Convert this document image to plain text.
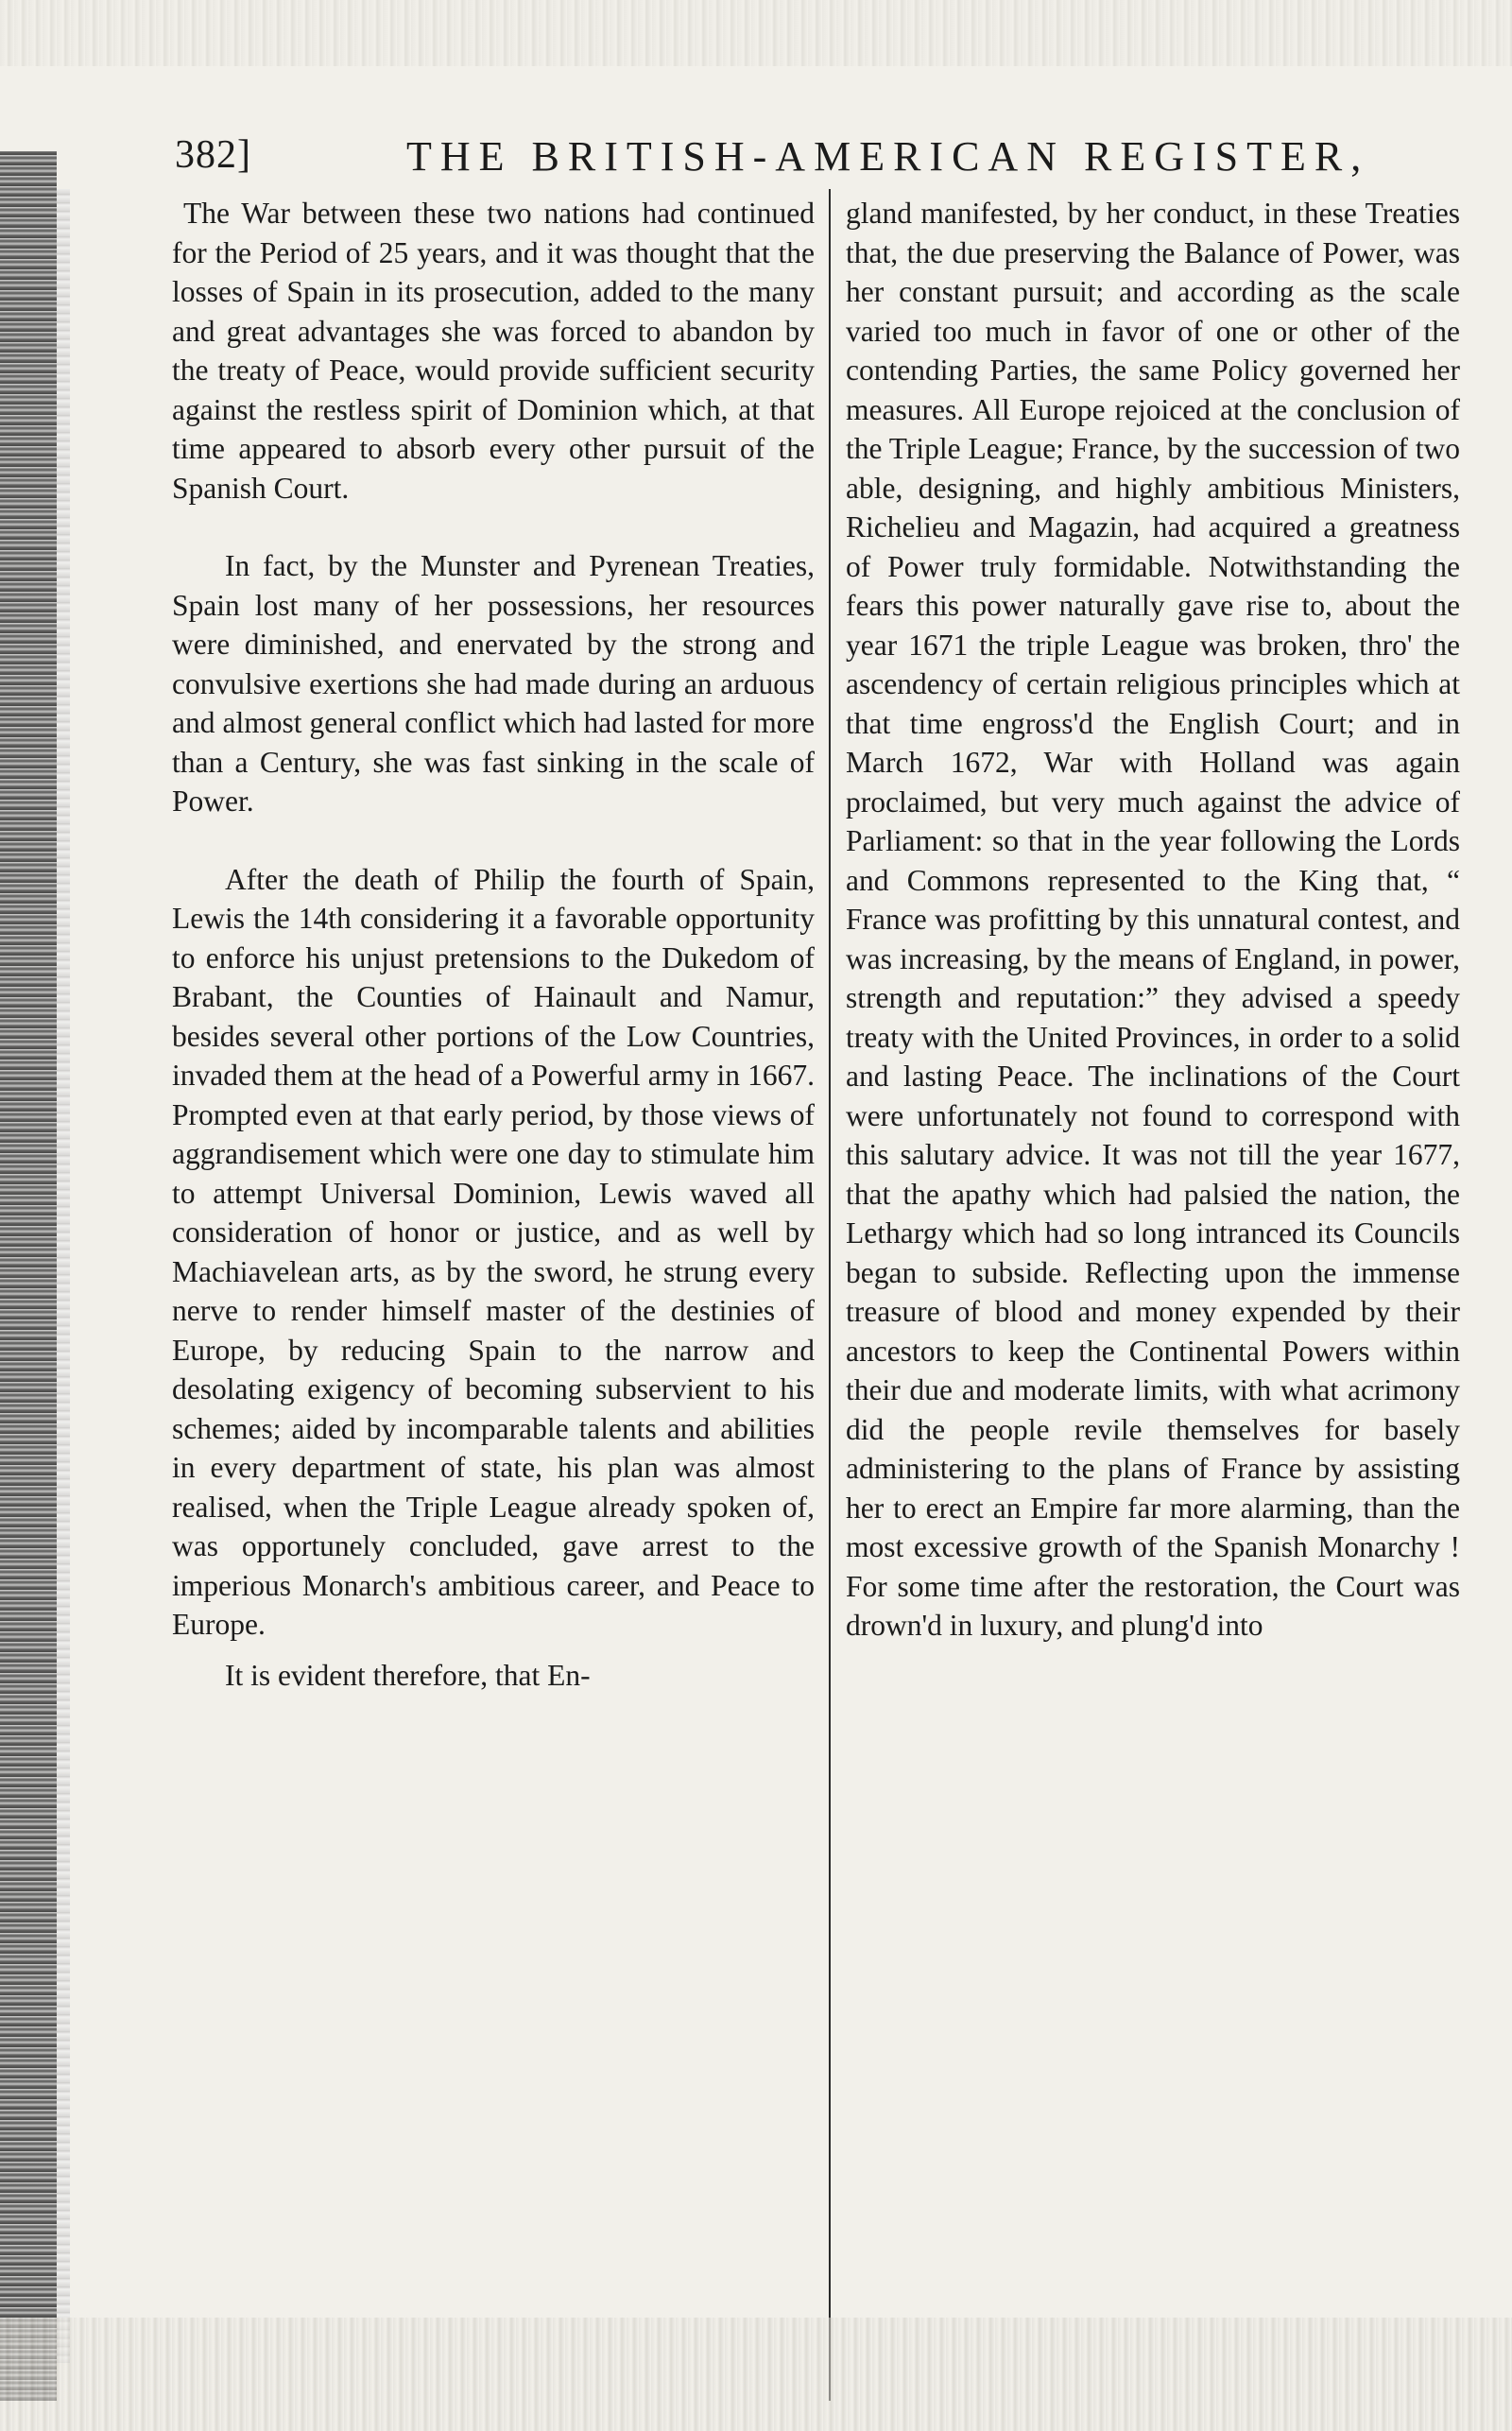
382]	THE BRITISH-AMERICAN REGISTER,

The War between these two nations had continued for the Period of 25 years, and it was thought that the losses of Spain in its prosecution, added to the many and great advantages she was forced to abandon by the treaty of Peace, would provide sufficient security against the restless spirit of Dominion which, at that time appeared to absorb every other pursuit of the Spanish Court.

In fact, by the Munster and Pyrenean Treaties, Spain lost many of her possessions, her resources were diminished, and enervated by the strong and convulsive exertions she had made during an arduous and almost general conflict which had lasted for more than a Century, she was fast sinking in the scale of Power.

After the death of Philip the fourth of Spain, Lewis the 14th considering it a favorable opportunity to enforce his unjust pretensions to the Dukedom of Brabant, the Counties of Hainault and Namur, besides several other portions of the Low Countries, invaded them at the head of a Powerful army in 1667. Prompted even at that early period, by those views of aggrandisement which were one day to stimulate him to attempt Universal Dominion, Lewis waved all consideration of honor or justice, and as well by Machiavelean arts, as by the sword, he strung every nerve to render himself master of the destinies of Europe, by reducing Spain to the narrow and desolating exigency of becoming subservient to his schemes; aided by incomparable talents and abilities in every department of state, his plan was almost realised, when the Triple League already spoken of, was opportunely concluded, gave arrest to the imperious Monarch's ambitious career, and Peace to Europe.

It is evident therefore, that En-

gland manifested, by her conduct, in these Treaties that, the due preserving the Balance of Power, was her constant pursuit; and according as the scale varied too much in favor of one or other of the contending Parties, the same Policy governed her measures. All Europe rejoiced at the conclusion of the Triple League; France, by the succession of two able, designing, and highly ambitious Ministers, Richelieu and Magazin, had acquired a greatness of Power truly formidable. Notwithstanding the fears this power naturally gave rise to, about the year 1671 the triple League was broken, thro' the ascendency of certain religious principles which at that time engross'd the English Court; and in March 1672, War with Holland was again proclaimed, but very much against the advice of Parliament: so that in the year following the Lords and Commons represented to the King that, “ France was profitting by this unnatural contest, and was increasing, by the means of England, in power, strength and reputation:” they advised a speedy treaty with the United Provinces, in order to a solid and lasting Peace. The inclinations of the Court were unfortunately not found to correspond with this salutary advice. It was not till the year 1677, that the apathy which had palsied the nation, the Lethargy which had so long intranced its Councils began to subside. Reflecting upon the immense treasure of blood and money expended by their ancestors to keep the Continental Powers within their due and moderate limits, with what acrimony did the people revile themselves for basely administering to the plans of France by assisting her to erect an Empire far more alarming, than the most excessive growth of the Spanish Monarchy ! For some time after the restoration, the Court was drown'd in luxury, and plung'd into
